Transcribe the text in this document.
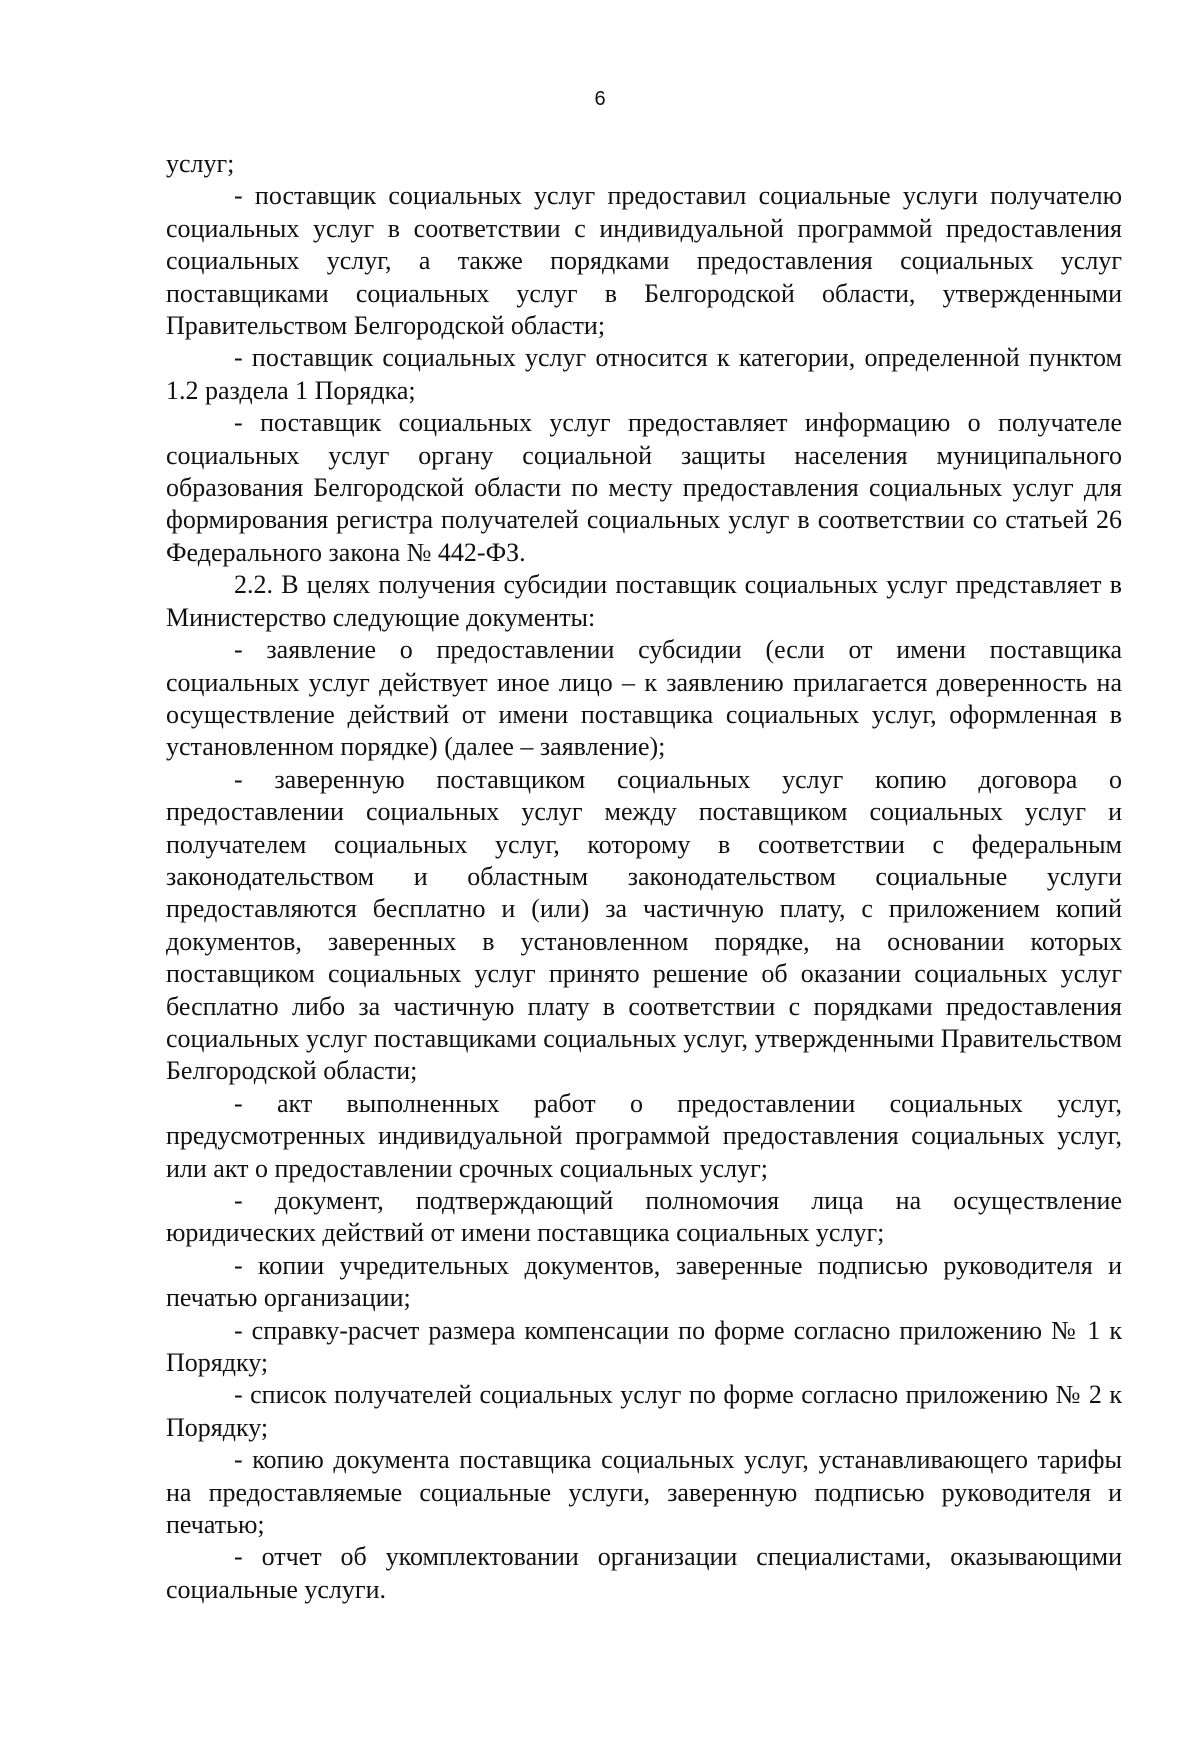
6

услуг;

- поставщик социальных услуг предоставил социальные услуги получателю социальных услуг в соответствии с индивидуальной программой предоставления социальных услуг, а также порядками предоставления социальных услуг поставщиками социальных услуг в Белгородской области, утвержденными Правительством Белгородской области;

- поставщик социальных услуг относится к категории, определенной пунктом 1.2 раздела 1 Порядка;

- поставщик социальных услуг предоставляет информацию о получателе социальных услуг органу социальной защиты населения муниципального образования Белгородской области по месту предоставления социальных услуг для формирования регистра получателей социальных услуг в соответствии со статьей 26 Федерального закона № 442-ФЗ.

2.2. В целях получения субсидии поставщик социальных услуг представляет в Министерство следующие документы:

- заявление о предоставлении субсидии (если от имени поставщика социальных услуг действует иное лицо – к заявлению прилагается доверенность на осуществление действий от имени поставщика социальных услуг, оформленная в установленном порядке) (далее – заявление);

- заверенную поставщиком социальных услуг копию договора о предоставлении социальных услуг между поставщиком социальных услуг и получателем социальных услуг, которому в соответствии с федеральным законодательством и областным законодательством социальные услуги предоставляются бесплатно и (или) за частичную плату, с приложением копий документов, заверенных в установленном порядке, на основании которых поставщиком социальных услуг принято решение об оказании социальных услуг бесплатно либо за частичную плату в соответствии с порядками предоставления социальных услуг поставщиками социальных услуг, утвержденными Правительством Белгородской области;

- акт выполненных работ о предоставлении социальных услуг, предусмотренных индивидуальной программой предоставления социальных услуг, или акт о предоставлении срочных социальных услуг;

- документ, подтверждающий полномочия лица на осуществление юридических действий от имени поставщика социальных услуг;

- копии учредительных документов, заверенные подписью руководителя и печатью организации;

- справку-расчет размера компенсации по форме согласно приложению № 1 к Порядку;

- список получателей социальных услуг по форме согласно приложению № 2 к Порядку;

- копию документа поставщика социальных услуг, устанавливающего тарифы на предоставляемые социальные услуги, заверенную подписью руководителя и печатью;

- отчет об укомплектовании организации специалистами, оказывающими социальные услуги.
